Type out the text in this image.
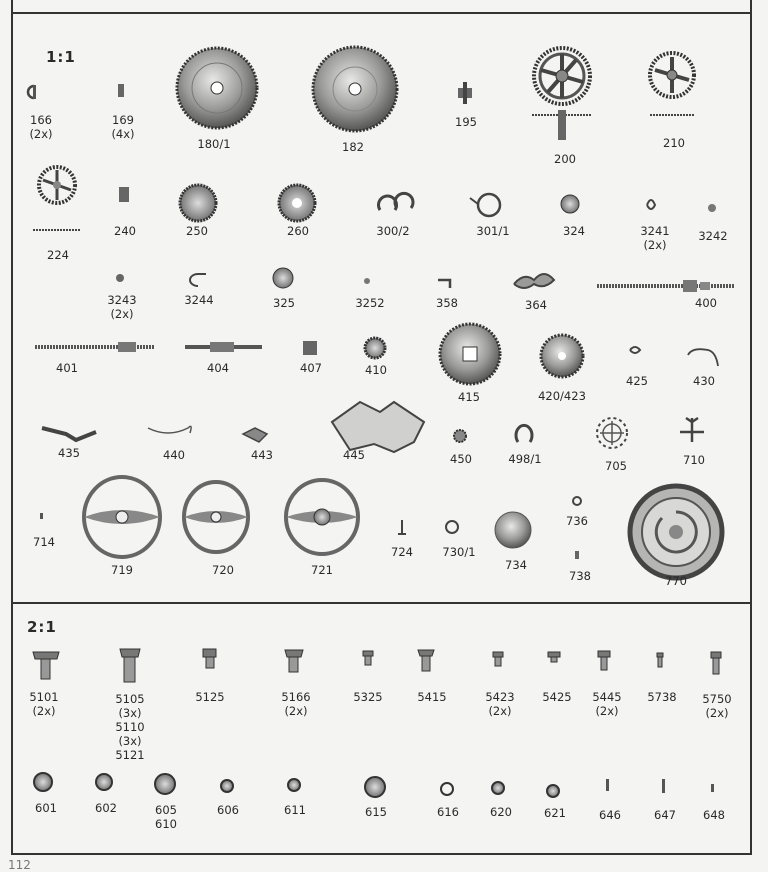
1:1
2:1
166
(2x)
169
(4x)
180/1	182
195
200
210
224
240	250	260	300/2	301/1	324	3241
(2x)
3242
3243
(2x)
3244	325	3252	358	364	400
401	404	407	410
415	420/423
425	430
435	440	443	445	450	498/1	705	710
714
719	720	721
724	730/1
734
736
738	770
5101
(2x)
5105
(3x)
5110
(3x)
5121
5125	5166
(2x)
5325	5415	5423
(2x)
5425 5445
(2x)
5738 5750
(2x)
601	602	605
610
606	611	615	616	620	621	646	647 648
112
